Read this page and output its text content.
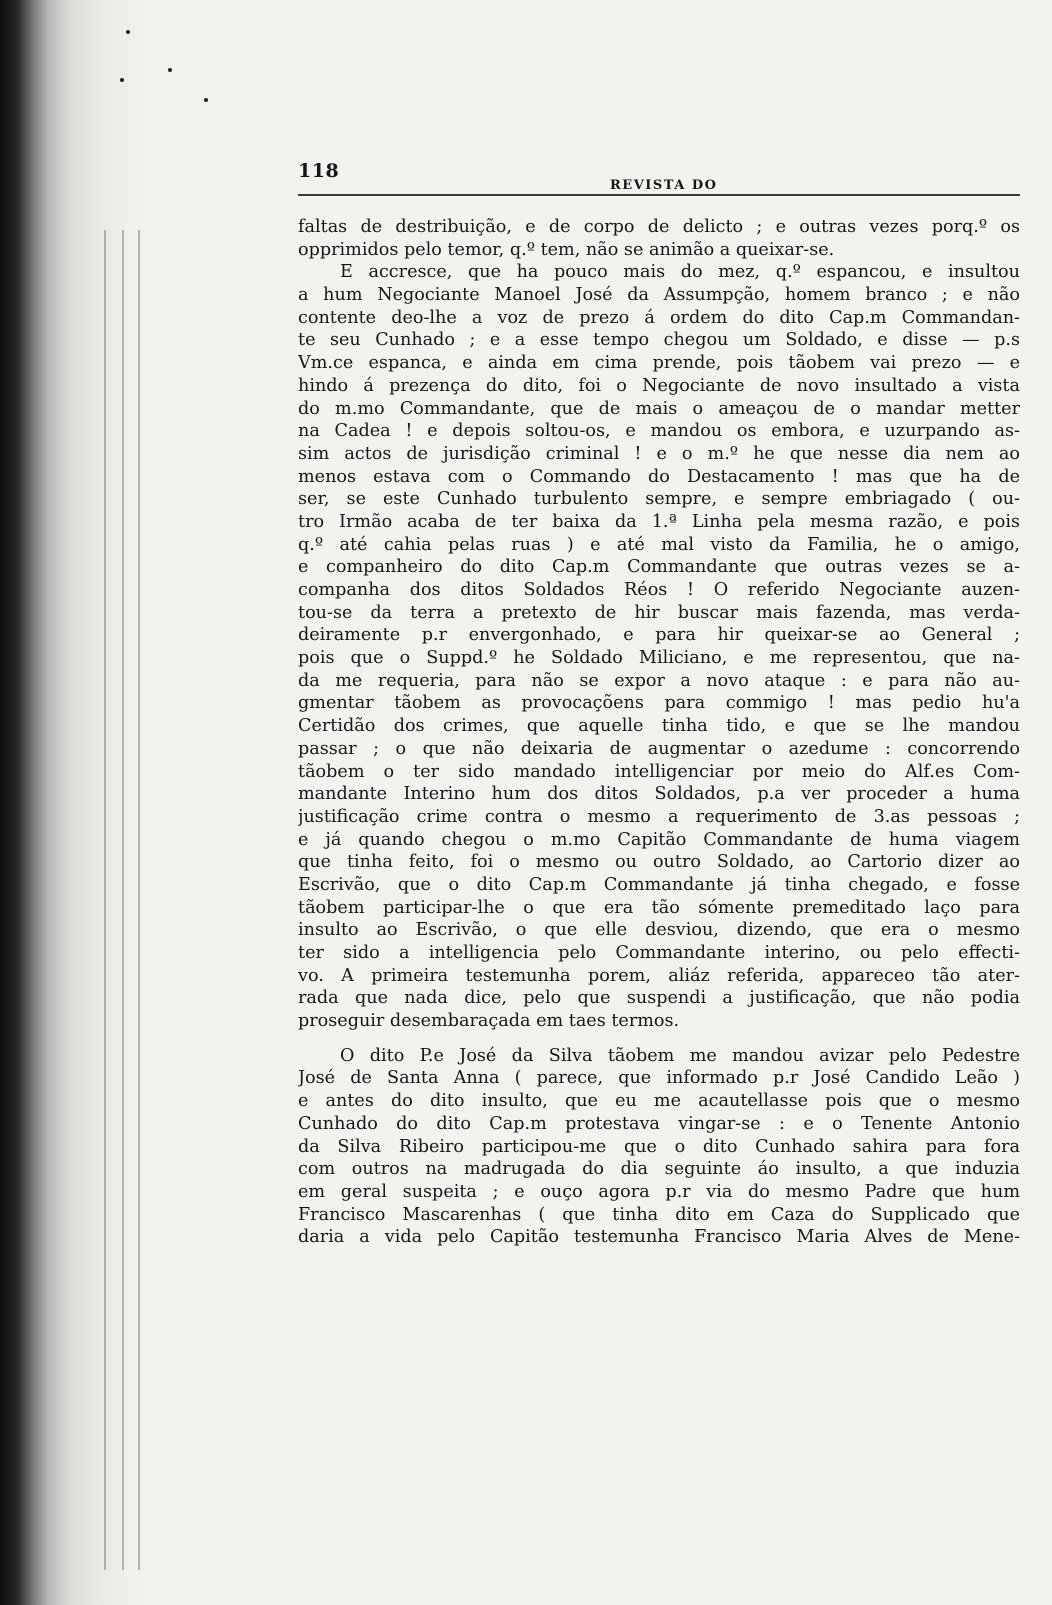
118
REVISTA DO
faltas de destribuição, e de corpo de delicto ; e outras vezes porq.º os
opprimidos pelo temor, q.º tem, não se animão a queixar-se.
E accresce, que ha pouco mais do mez, q.º espancou, e insultou
a hum Negociante Manoel José da Assumpção, homem branco ; e não
contente deo-lhe a voz de prezo á ordem do dito Cap.m Commandan-
te seu Cunhado ; e a esse tempo chegou um Soldado, e disse — p.s
Vm.ce espanca, e ainda em cima prende, pois tãobem vai prezo — e
hindo á prezença do dito, foi o Negociante de novo insultado a vista
do m.mo Commandante, que de mais o ameaçou de o mandar metter
na Cadea ! e depois soltou-os, e mandou os embora, e uzurpando as-
sim actos de jurisdição criminal ! e o m.º he que nesse dia nem ao
menos estava com o Commando do Destacamento ! mas que ha de
ser, se este Cunhado turbulento sempre, e sempre embriagado ( ou-
tro Irmão acaba de ter baixa da 1.ª Linha pela mesma razão, e pois
q.º até cahia pelas ruas ) e até mal visto da Familia, he o amigo,
e companheiro do dito Cap.m Commandante que outras vezes se a-
companha dos ditos Soldados Réos ! O referido Negociante auzen-
tou-se da terra a pretexto de hir buscar mais fazenda, mas verda-
deiramente p.r envergonhado, e para hir queixar-se ao General ;
pois que o Suppd.º he Soldado Miliciano, e me representou, que na-
da me requeria, para não se expor a novo ataque : e para não au-
gmentar tãobem as provocaçõens para commigo ! mas pedio hu'a
Certidão dos crimes, que aquelle tinha tido, e que se lhe mandou
passar ; o que não deixaria de augmentar o azedume : concorrendo
tãobem o ter sido mandado intelligenciar por meio do Alf.es Com-
mandante Interino hum dos ditos Soldados, p.a ver proceder a huma
justificação crime contra o mesmo a requerimento de 3.as pessoas ;
e já quando chegou o m.mo Capitão Commandante de huma viagem
que tinha feito, foi o mesmo ou outro Soldado, ao Cartorio dizer ao
Escrivão, que o dito Cap.m Commandante já tinha chegado, e fosse
tãobem participar-lhe o que era tão sómente premeditado laço para
insulto ao Escrivão, o que elle desviou, dizendo, que era o mesmo
ter sido a intelligencia pelo Commandante interino, ou pelo effecti-
vo. A primeira testemunha porem, aliáz referida, appareceo tão ater-
rada que nada dice, pelo que suspendi a justificação, que não podia
proseguir desembaraçada em taes termos.
O dito P.e José da Silva tãobem me mandou avizar pelo Pedestre
José de Santa Anna ( parece, que informado p.r José Candido Leão )
e antes do dito insulto, que eu me acautellasse pois que o mesmo
Cunhado do dito Cap.m protestava vingar-se : e o Tenente Antonio
da Silva Ribeiro participou-me que o dito Cunhado sahira para fora
com outros na madrugada do dia seguinte áo insulto, a que induzia
em geral suspeita ; e ouço agora p.r via do mesmo Padre que hum
Francisco Mascarenhas ( que tinha dito em Caza do Supplicado que
daria a vida pelo Capitão testemunha Francisco Maria Alves de Mene-
